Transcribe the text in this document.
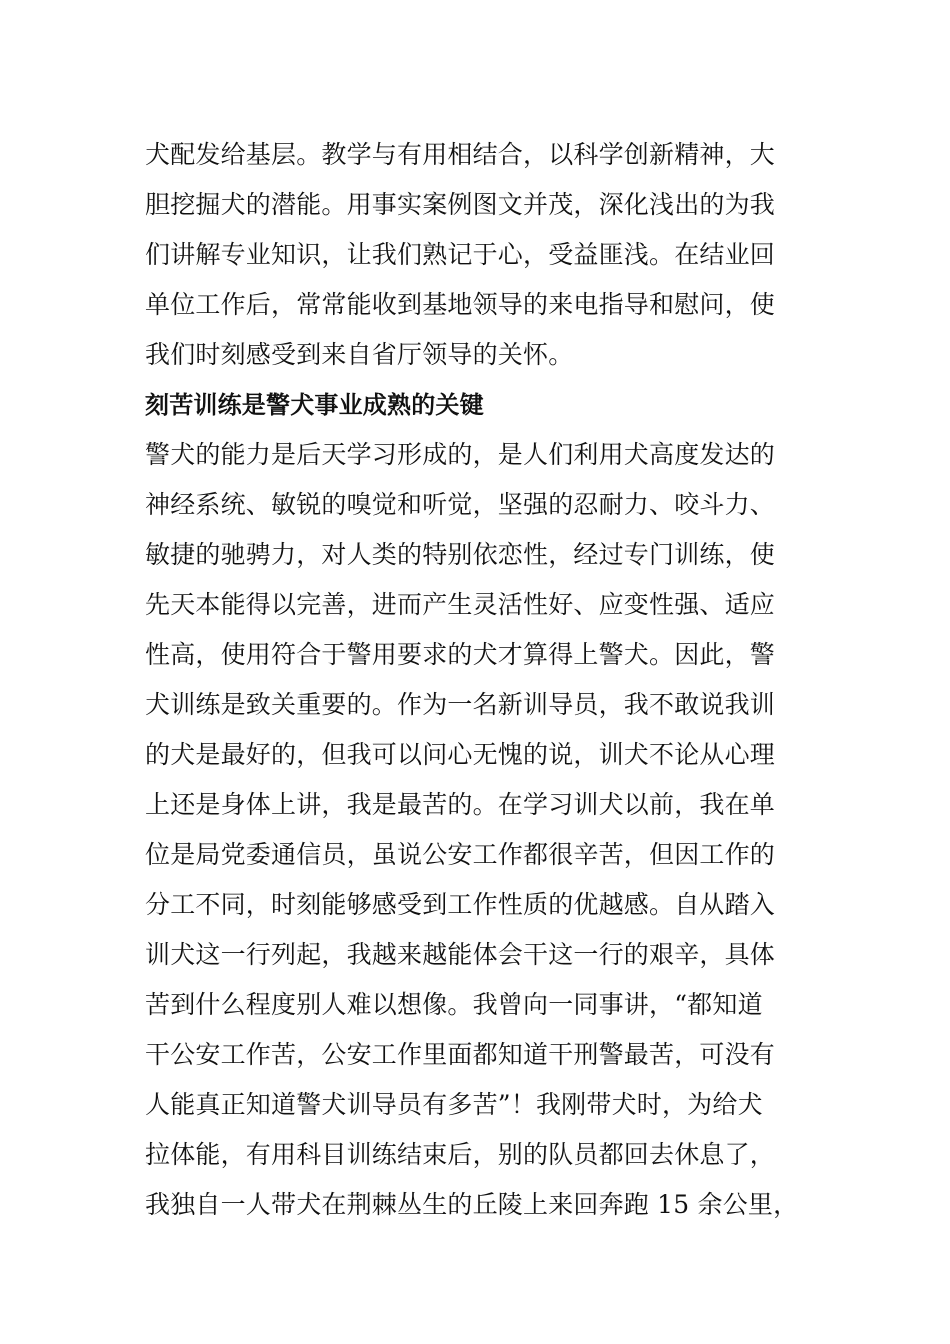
犬配发给基层。教学与有用相结合，以科学创新精神，大
胆挖掘犬的潜能。用事实案例图文并茂，深化浅出的为我
们讲解专业知识，让我们熟记于心，受益匪浅。在结业回
单位工作后，常常能收到基地领导的来电指导和慰问，使
我们时刻感受到来自省厅领导的关怀。
刻苦训练是警犬事业成熟的关键
警犬的能力是后天学习形成的，是人们利用犬高度发达的
神经系统、敏锐的嗅觉和听觉，坚强的忍耐力、咬斗力、
敏捷的驰骋力，对人类的特别依恋性，经过专门训练，使
先天本能得以完善，进而产生灵活性好、应变性强、适应
性高，使用符合于警用要求的犬才算得上警犬。因此，警
犬训练是致关重要的。作为一名新训导员，我不敢说我训
的犬是最好的，但我可以问心无愧的说，训犬不论从心理
上还是身体上讲，我是最苦的。在学习训犬以前，我在单
位是局党委通信员，虽说公安工作都很辛苦，但因工作的
分工不同，时刻能够感受到工作性质的优越感。自从踏入
训犬这一行列起，我越来越能体会干这一行的艰辛，具体
苦到什么程度别人难以想像。我曾向一同事讲，“都知道
干公安工作苦，公安工作里面都知道干刑警最苦，可没有
人能真正知道警犬训导员有多苦”！我刚带犬时，为给犬
拉体能，有用科目训练结束后，别的队员都回去休息了，
我独自一人带犬在荆棘丛生的丘陵上来回奔跑 15 余公里，
